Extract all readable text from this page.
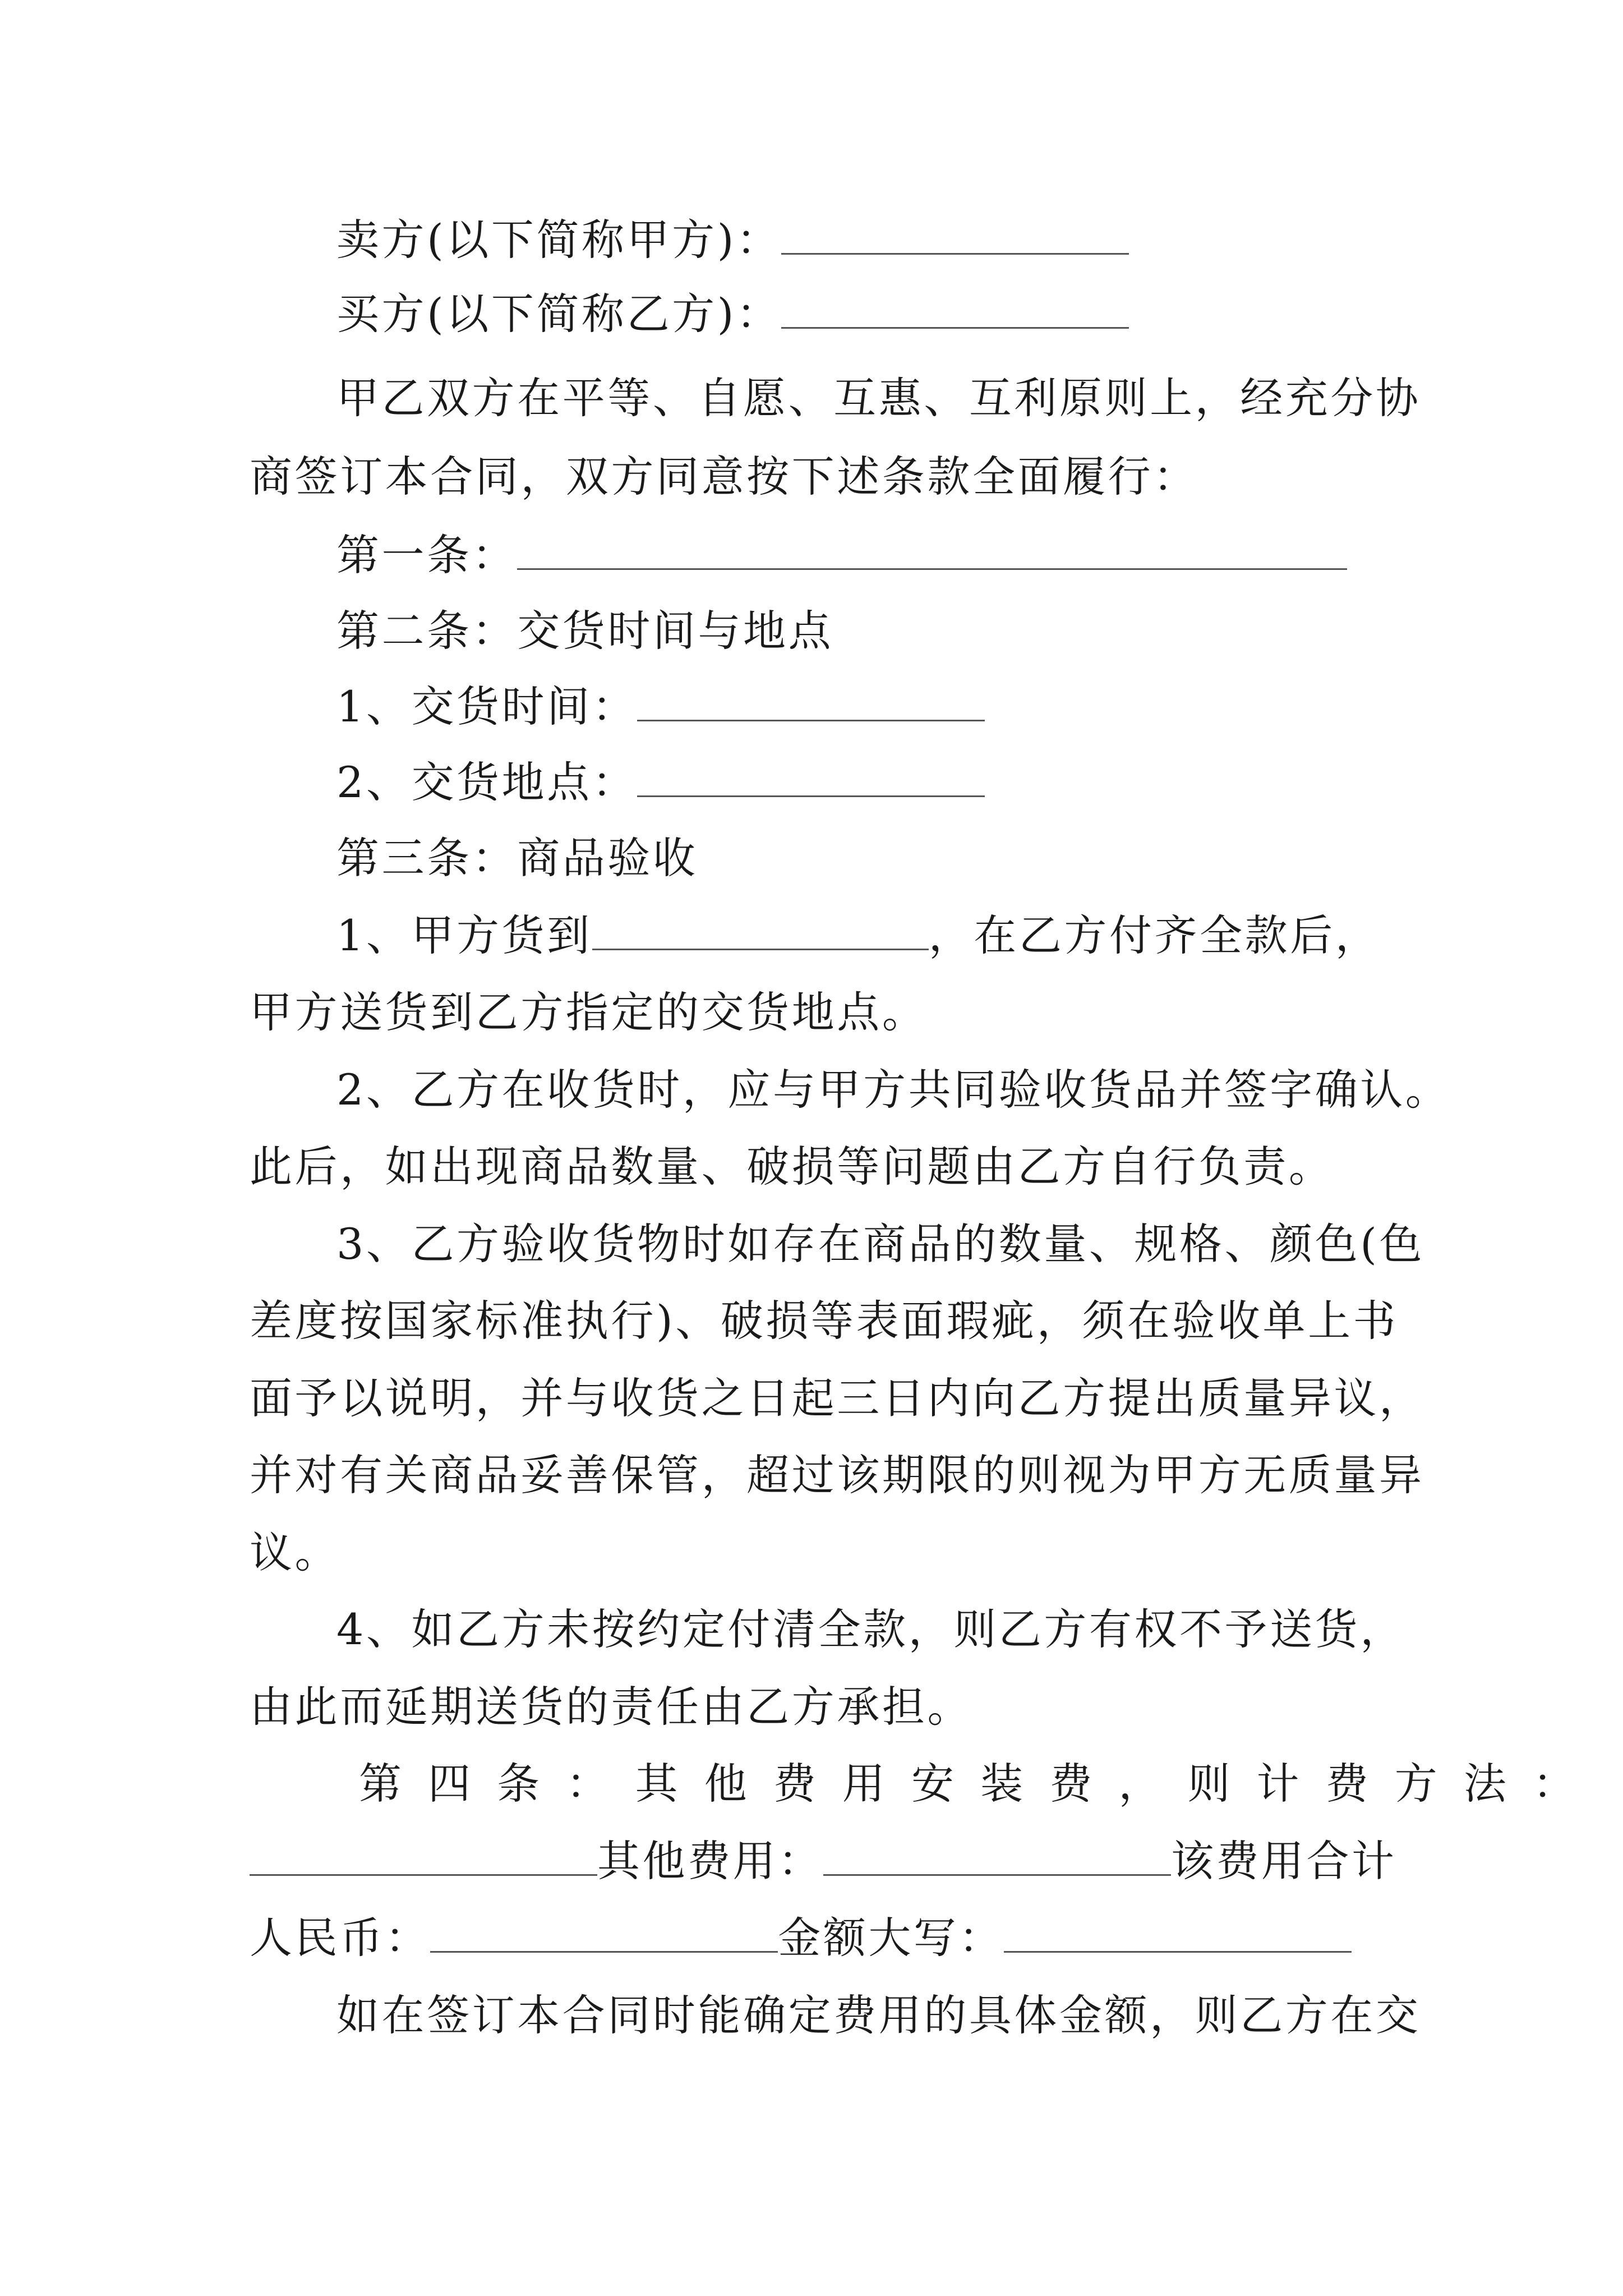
卖方(以下简称甲方)：
买方(以下简称乙方)：
甲乙双方在平等、自愿、互惠、互利原则上，经充分协
商签订本合同，双方同意按下述条款全面履行：
第一条：
第二条：交货时间与地点
1、交货时间：
2、交货地点：
第三条：商品验收
1、甲方货到	，在乙方付齐全款后，
甲方送货到乙方指定的交货地点。
2、乙方在收货时，应与甲方共同验收货品并签字确认。
此后，如出现商品数量、破损等问题由乙方自行负责。
3、乙方验收货物时如存在商品的数量、规格、颜色(色
差度按国家标准执行)、破损等表面瑕疵，须在验收单上书
面予以说明，并与收货之日起三日内向乙方提出质量异议，
并对有关商品妥善保管，超过该期限的则视为甲方无质量异
议。
4、如乙方未按约定付清全款，则乙方有权不予送货，
由此而延期送货的责任由乙方承担。
第四条：其他费用安装费，则计费方法：
其他费用：	该费用合计
人民币：	金额大写：
如在签订本合同时能确定费用的具体金额，则乙方在交
